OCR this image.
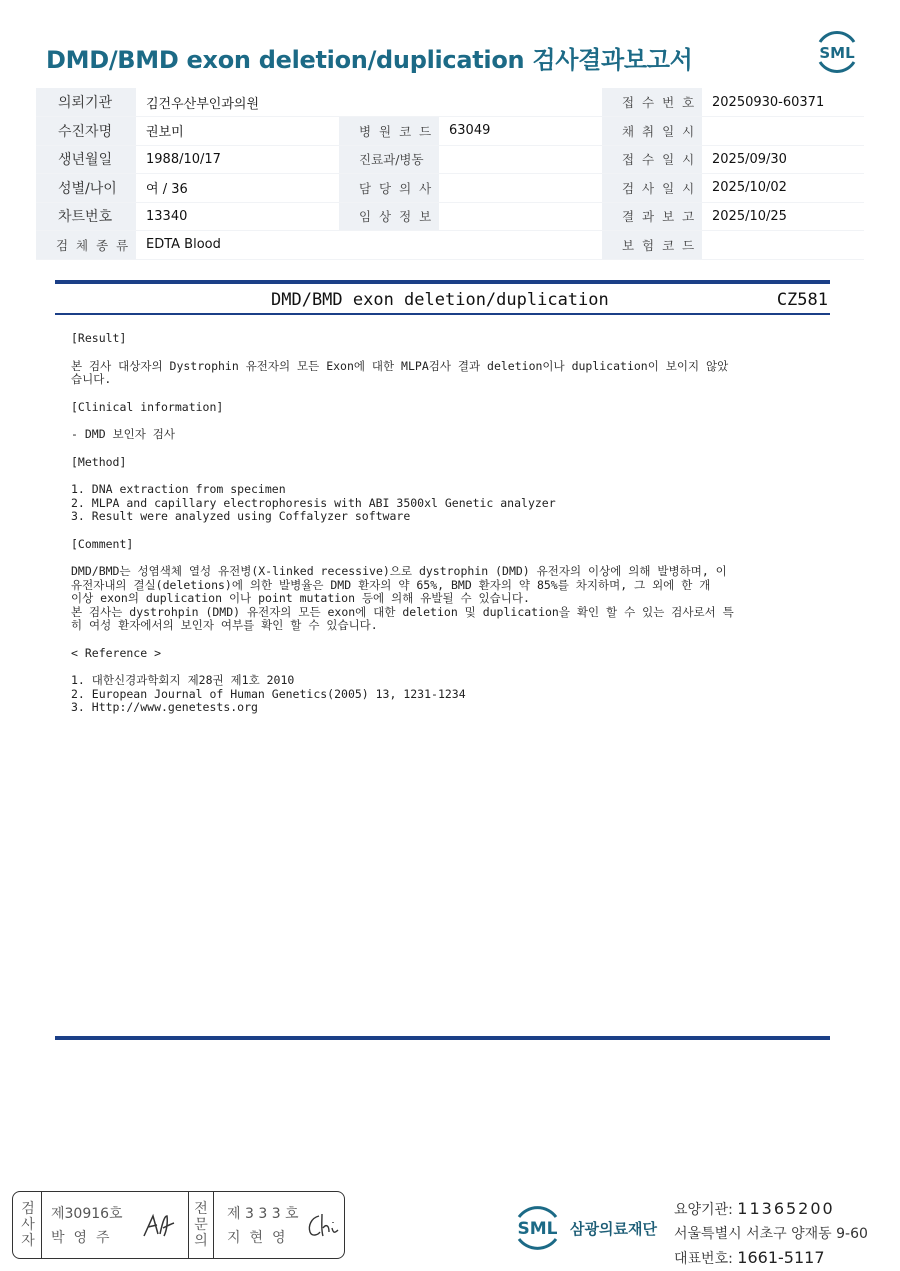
DMD/BMD exon deletion/duplication 검사결과보고서	SML
의뢰기관	김건우산부인과의원			접 수 번 호	20250930-60371
수진자명	권보미	병 원 코 드	63049	채 취 일 시	
생년월일	1988/10/17	진료과/병동		접 수 일 시	2025/09/30
성별/나이	여 / 36	담 당 의 사		검 사 일 시	2025/10/02
차트번호	13340	임 상 정 보		결 과 보 고	2025/10/25
검 체 종 류	EDTA Blood			보 험 코 드	
DMD/BMD exon deletion/duplication	CZ581
[Result]
본 검사 대상자의 Dystrophin 유전자의 모든 Exon에 대한 MLPA검사 결과 deletion이나 duplication이 보이지 않았
습니다.
[Clinical information]
- DMD 보인자 검사
[Method]
1. DNA extraction from specimen
2. MLPA and capillary electrophoresis with ABI 3500xl Genetic analyzer
3. Result were analyzed using Coffalyzer software
[Comment]
DMD/BMD는 성염색체 열성 유전병(X-linked recessive)으로 dystrophin (DMD) 유전자의 이상에 의해 발병하며, 이
유전자내의 결실(deletions)에 의한 발병율은 DMD 환자의 약 65%, BMD 환자의 약 85%를 차지하며, 그 외에 한 개
이상 exon의 duplication 이나 point mutation 등에 의해 유발될 수 있습니다.
본 검사는 dystrohpin (DMD) 유전자의 모든 exon에 대한 deletion 및 duplication을 확인 할 수 있는 검사로서 특
히 여성 환자에서의 보인자 여부를 확인 할 수 있습니다.
< Reference >
1. 대한신경과학회지 제28권 제1호 2010
2. European Journal of Human Genetics(2005) 13, 1231-1234
3. Http://www.genetests.org
검
사
자
제30916호
박영주
전
문
의
제 3 3 3 호
지현영	SML 삼광의료재단
요양기관: 11365200
서울특별시 서초구 양재동 9-60
대표번호: 1661-5117
